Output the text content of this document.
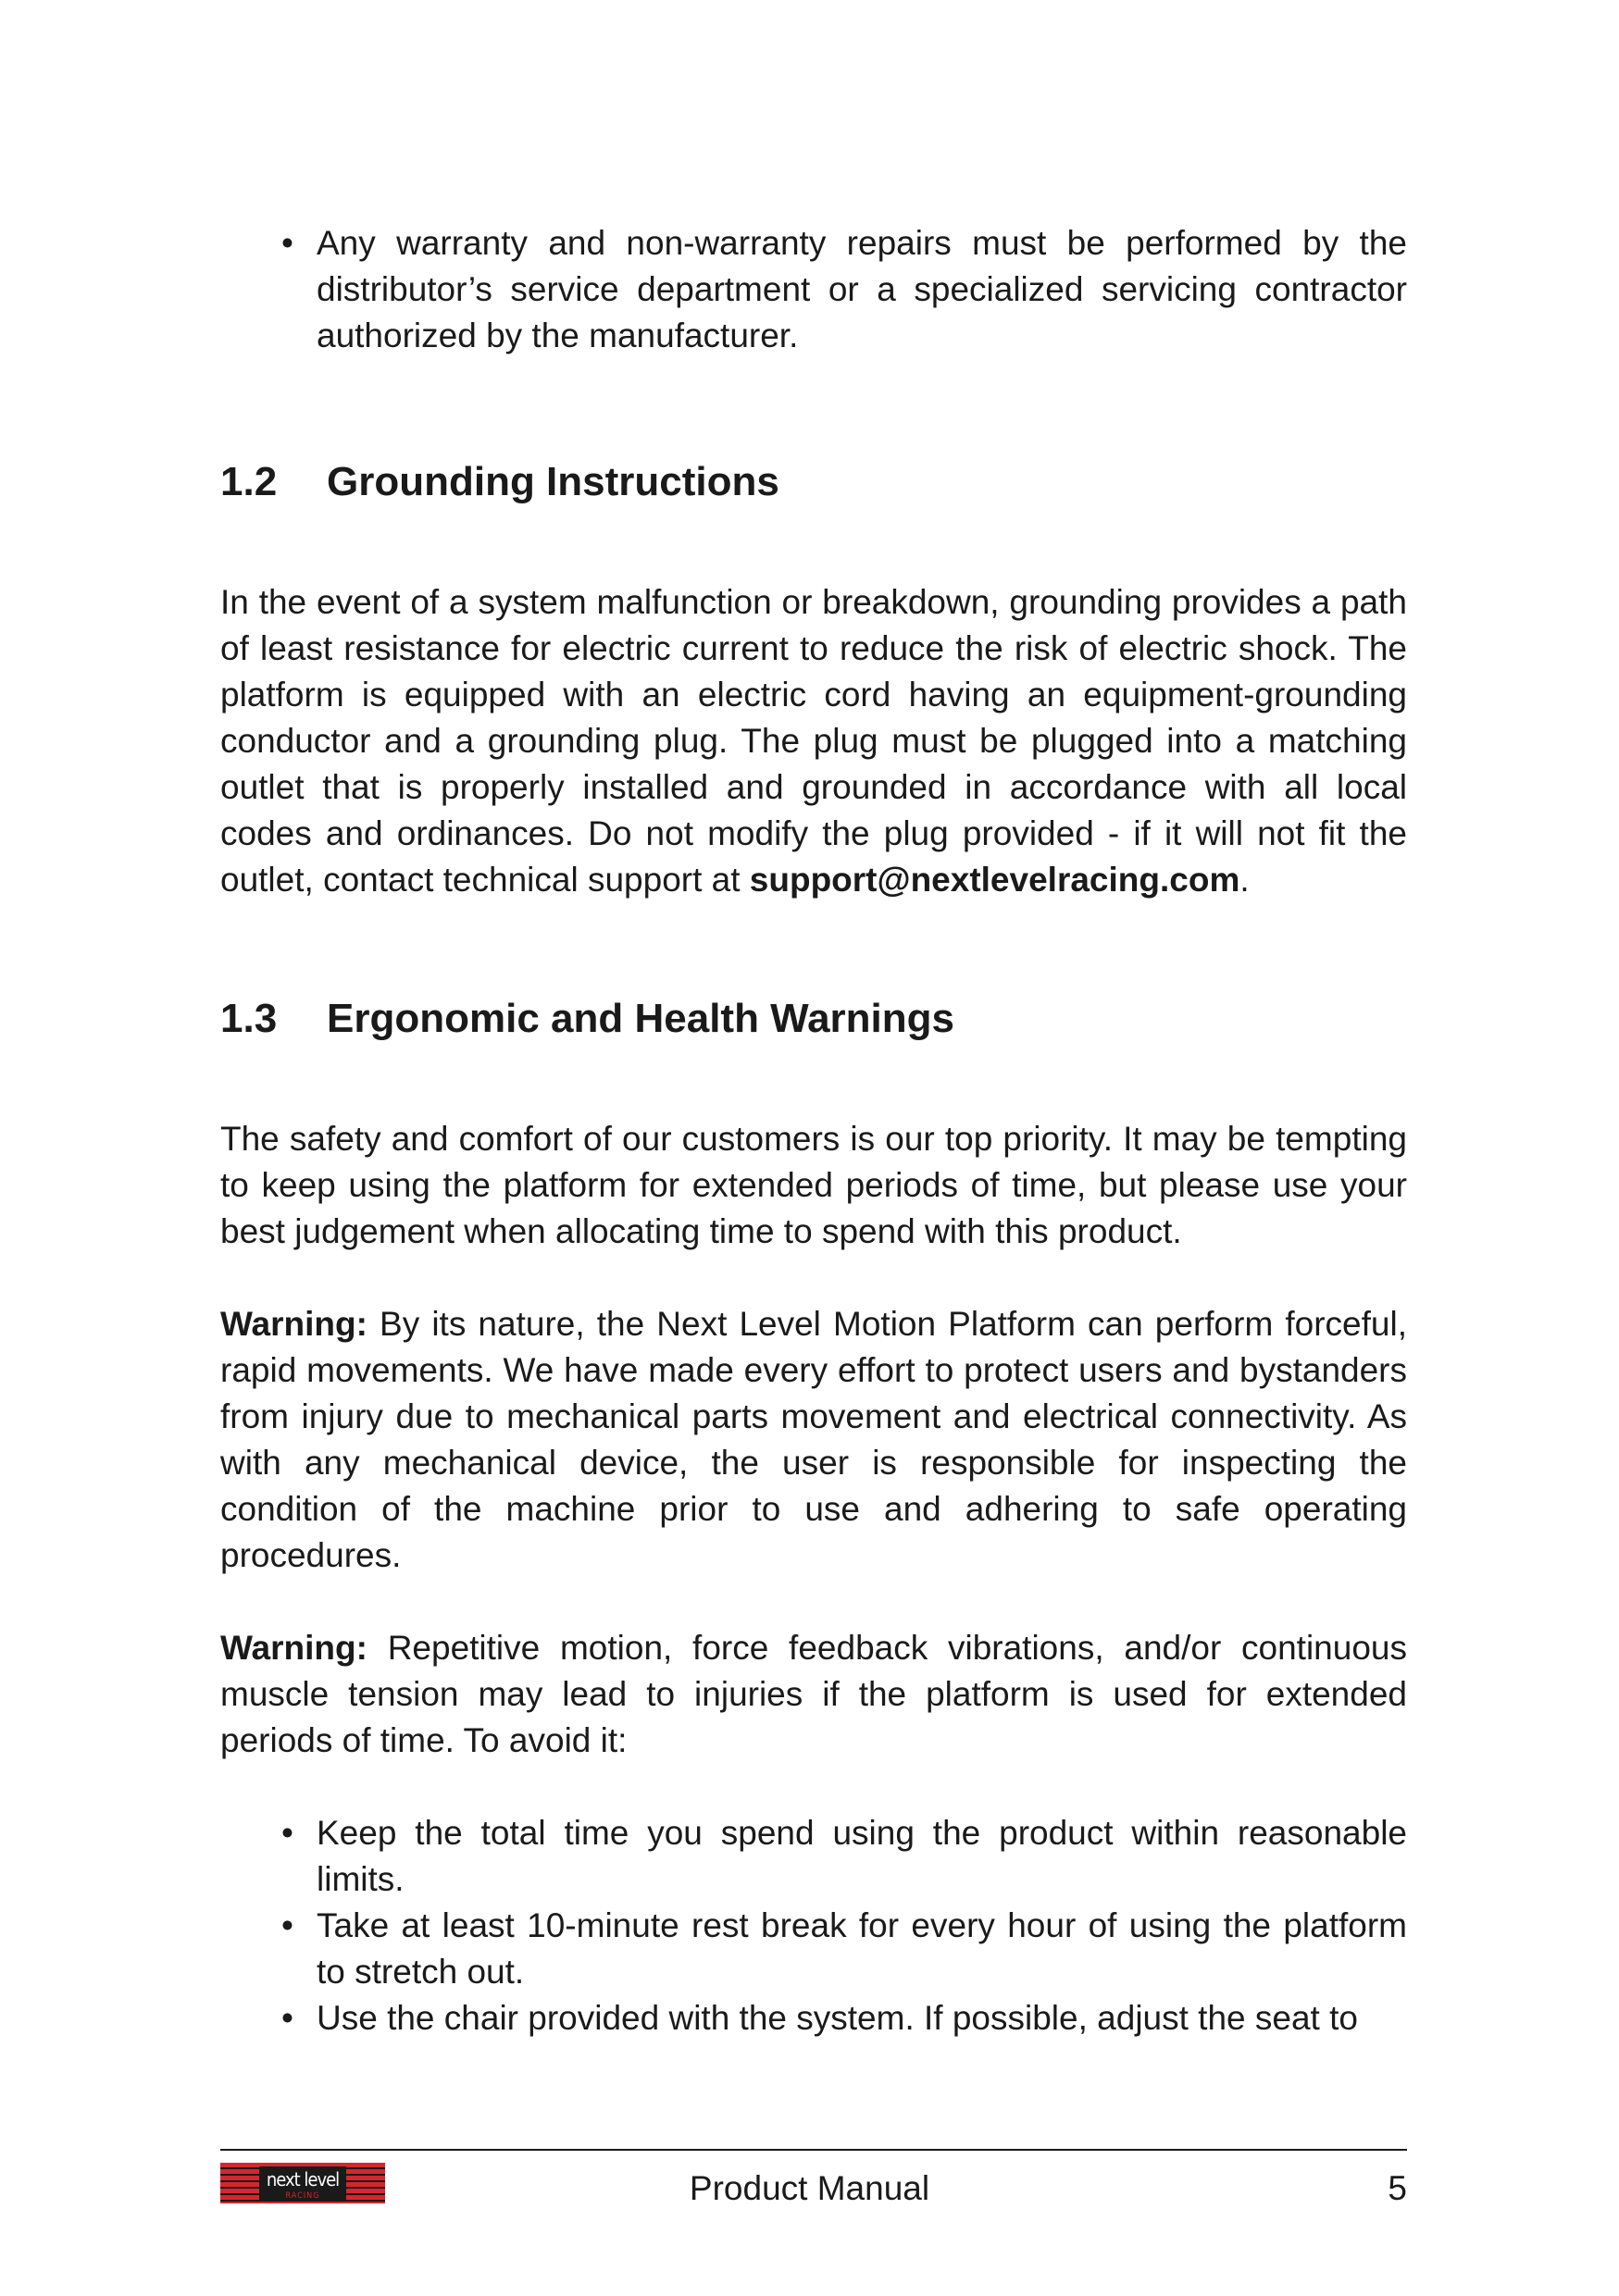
• Any warranty and non-warranty repairs must be performed by the distributor’s service department or a specialized servicing contractor authorized by the manufacturer.
1.2	Grounding Instructions

In the event of a system malfunction or breakdown, grounding provides a path of least resistance for electric current to reduce the risk of electric shock. The platform is equipped with an electric cord having an equipment-grounding conductor and a grounding plug. The plug must be plugged into a matching outlet that is properly installed and grounded in accordance with all local codes and ordinances. Do not modify the plug provided - if it will not fit the outlet, contact technical support at support@nextlevelracing.com.

1.3	Ergonomic and Health Warnings

The safety and comfort of our customers is our top priority. It may be tempting to keep using the platform for extended periods of time, but please use your best judgement when allocating time to spend with this product.

Warning: By its nature, the Next Level Motion Platform can perform forceful, rapid movements. We have made every effort to protect users and bystanders from injury due to mechanical parts movement and electrical connectivity. As with any mechanical device, the user is responsible for inspecting the condition of the machine prior to use and adhering to safe operating procedures.

Warning: Repetitive motion, force feedback vibrations, and/or continuous muscle tension may lead to injuries if the platform is used for extended periods of time. To avoid it:

• Keep the total time you spend using the product within reasonable limits.
• Take at least 10-minute rest break for every hour of using the platform to stretch out.
• Use the chair provided with the system. If possible, adjust the seat to
next level
RACING	Product Manual	5
